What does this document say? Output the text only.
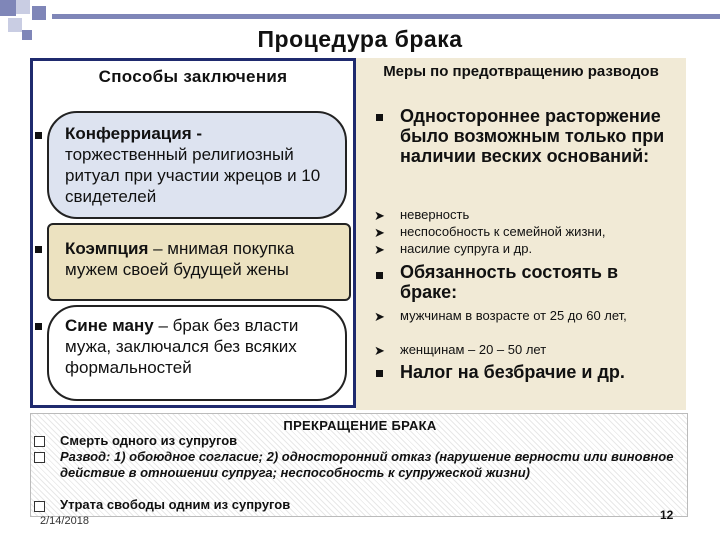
Процедура брака
Способы заключения
Конферриация -
торжественный религиозный ритуал при участии жрецов и 10 свидетелей
Коэмпция – мнимая покупка мужем своей будущей жены
Сине ману – брак без власти мужа, заключался без всяких формальностей
Меры по предотвращению разводов
Одностороннее расторжение было возможным только при наличии веских оснований:
➤ неверность
➤ неспособность к семейной жизни,
➤ насилие супруга и др.
Обязанность состоять в браке:
➤ мужчинам в возрасте от 25 до 60 лет,
➤ женщинам – 20 – 50 лет
Налог на безбрачие и др.
ПРЕКРАЩЕНИЕ БРАКА
Смерть одного из супругов
Развод: 1) обоюдное согласие; 2) односторонний отказ (нарушение верности или виновное действие в отношении супруга; неспособность к супружеской жизни)
Утрата свободы одним из супругов
2/14/2018	12
